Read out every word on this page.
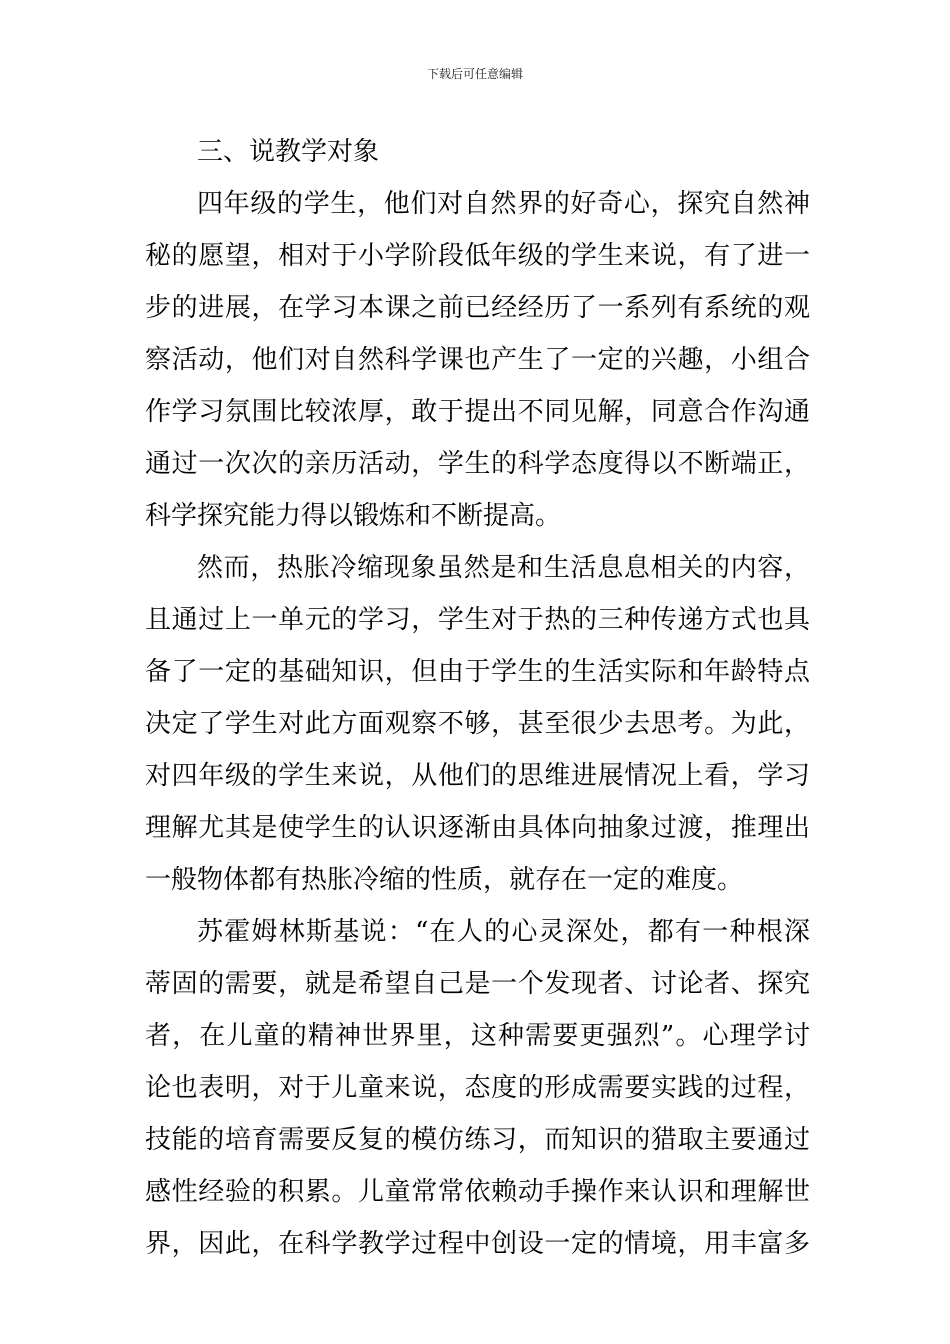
下载后可任意编辑
三、说教学对象
四年级的学生，他们对自然界的好奇心，探究自然神
秘的愿望，相对于小学阶段低年级的学生来说，有了进一
步的进展，在学习本课之前已经经历了一系列有系统的观
察活动，他们对自然科学课也产生了一定的兴趣，小组合
作学习氛围比较浓厚，敢于提出不同见解，同意合作沟通
通过一次次的亲历活动，学生的科学态度得以不断端正，
科学探究能力得以锻炼和不断提高。
然而，热胀冷缩现象虽然是和生活息息相关的内容，
且通过上一单元的学习，学生对于热的三种传递方式也具
备了一定的基础知识，但由于学生的生活实际和年龄特点
决定了学生对此方面观察不够，甚至很少去思考。为此，
对四年级的学生来说，从他们的思维进展情况上看，学习
理解尤其是使学生的认识逐渐由具体向抽象过渡，推理出
一般物体都有热胀冷缩的性质，就存在一定的难度。
苏霍姆林斯基说：“在人的心灵深处，都有一种根深
蒂固的需要，就是希望自己是一个发现者、讨论者、探究
者，在儿童的精神世界里，这种需要更强烈”。心理学讨
论也表明，对于儿童来说，态度的形成需要实践的过程，
技能的培育需要反复的模仿练习，而知识的猎取主要通过
感性经验的积累。儿童常常依赖动手操作来认识和理解世
界，因此，在科学教学过程中创设一定的情境，用丰富多
